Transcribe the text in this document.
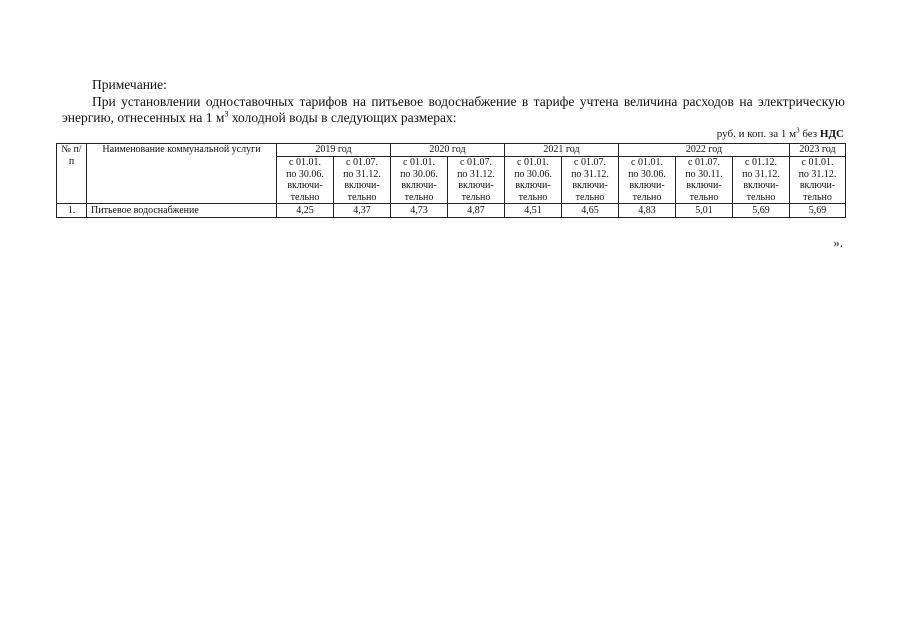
Примечание:
При установлении одноставочных тарифов на питьевое водоснабжение в тарифе учтена величина расходов на электрическую энергию, отнесенных на 1 $м^3$ холодной воды в следующих размерах:
руб. и коп. за 1 $м^3$ без НДС
№ п/п	Наименование коммунальной услуги	2019 год		2020 год		2021 год		2022 год			2023 год

		с 01.01.
по 30.06.
включи-
тельно	с 01.07.
по 31.12.
включи-
тельно	с 01.01.
по 30.06.
включи-
тельно	с 01.07.
по 31.12.
включи-
тельно	с 01.01.
по 30.06.
включи-
тельно	с 01.07.
по 31.12.
включи-
тельно	с 01.01.
по 30.06.
включи-
тельно	с 01.07.
по 30.11.
включи-
тельно	с 01.12.
по 31.12.
включи-
тельно	с 01.01.
по 31.12.
включи-
тельно

1.	Питьевое водоснабжение	4,25	4,37	4,73	4,87	4,51	4,65	4,83	5,01	5,69	5,69
».
